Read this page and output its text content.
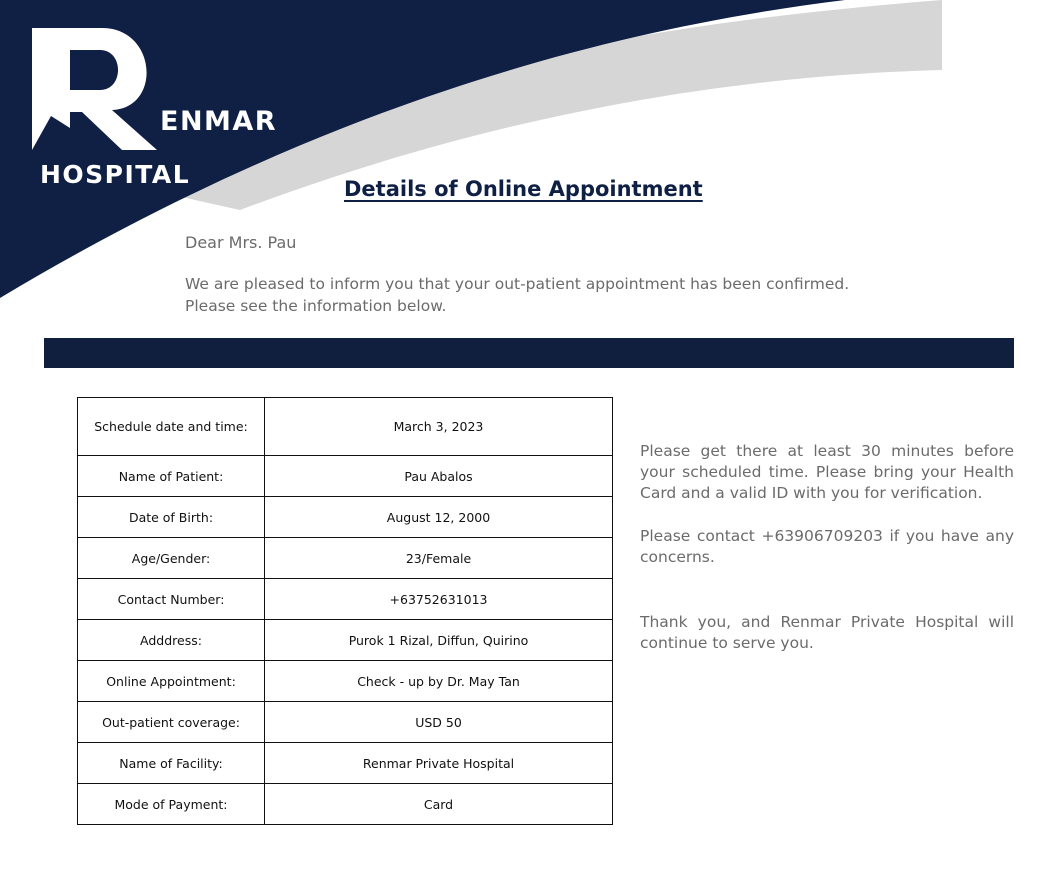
ENMAR
HOSPITAL	Details of Online Appointment
Dear Mrs. Pau
We are pleased to inform you that your out-patient appointment has been confirmed.
Please see the information below.
Schedule date and time:	March 3, 2023
Name of Patient:	Pau Abalos
Date of Birth:	August 12, 2000
Age/Gender:	23/Female
Contact Number:	+63752631013
Adddress:	Purok 1 Rizal, Diffun, Quirino
Online Appointment:	Check - up by Dr. May Tan
Out-patient coverage:	USD 50
Name of Facility:	Renmar Private Hospital
Mode of Payment:	Card

Please get there at least 30 minutes before your scheduled time. Please bring your Health Card and a valid ID with you for verification.

Please contact +63906709203 if you have any concerns.

Thank you, and Renmar Private Hospital will continue to serve you.
